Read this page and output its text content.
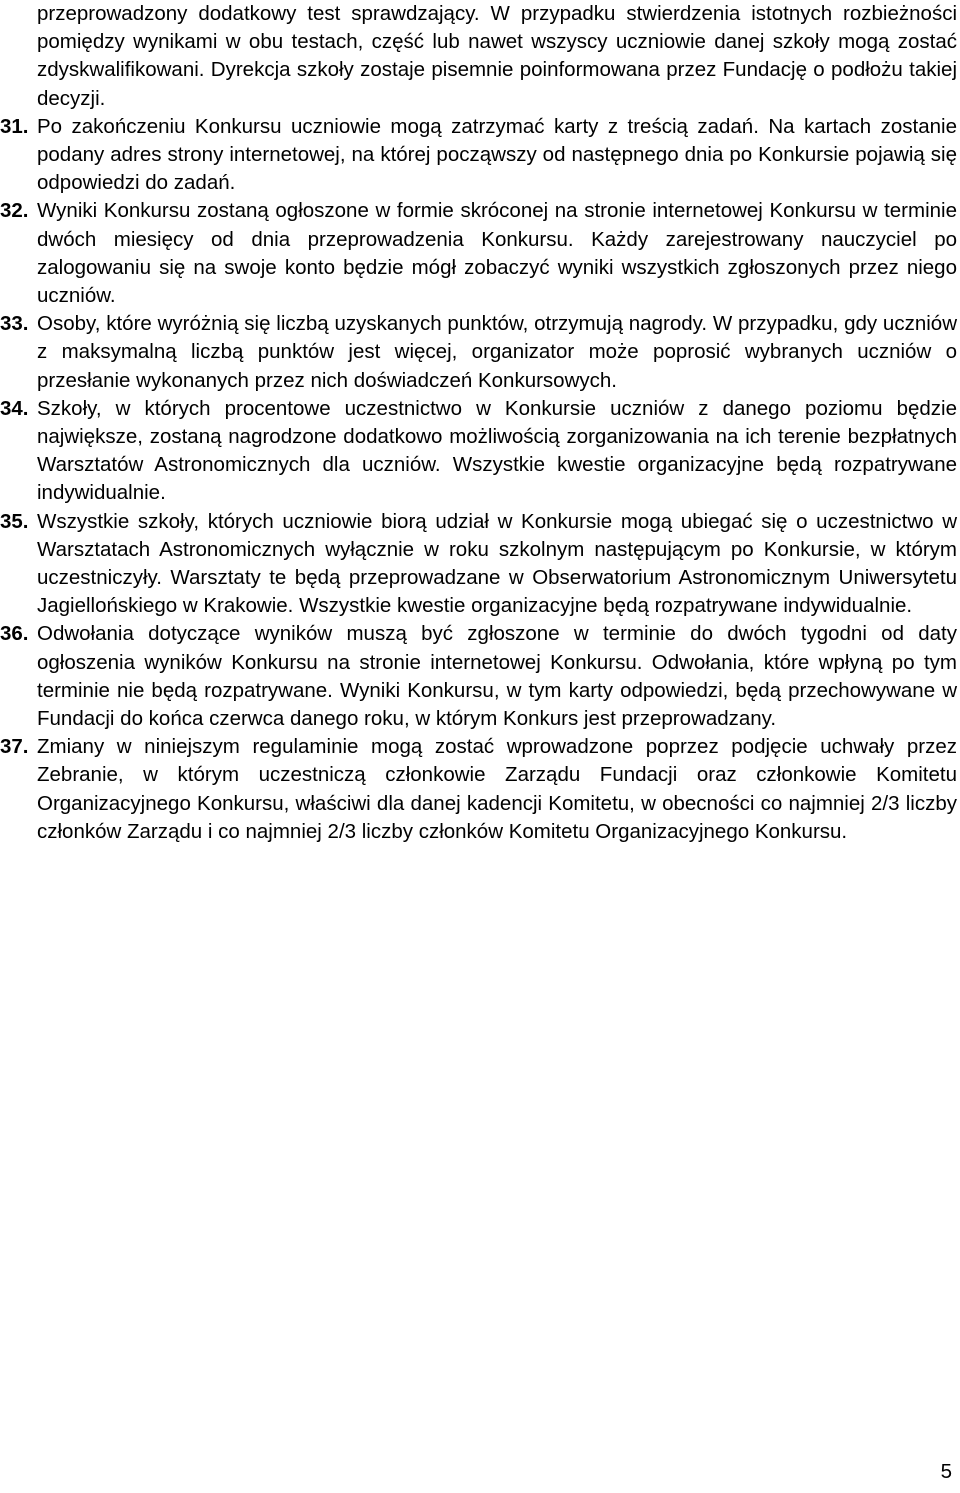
przeprowadzony dodatkowy test sprawdzający. W przypadku stwierdzenia istotnych rozbieżności pomiędzy wynikami w obu testach, część lub nawet wszyscy uczniowie danej szkoły mogą zostać zdyskwalifikowani. Dyrekcja szkoły zostaje pisemnie poinformowana przez Fundację o podłożu takiej decyzji.

31. Po zakończeniu Konkursu uczniowie mogą zatrzymać karty z treścią zadań. Na kartach zostanie podany adres strony internetowej, na której począwszy od następnego dnia po Konkursie pojawią się odpowiedzi do zadań.
32. Wyniki Konkursu zostaną ogłoszone w formie skróconej na stronie internetowej Konkursu w terminie dwóch miesięcy od dnia przeprowadzenia Konkursu. Każdy zarejestrowany nauczyciel po zalogowaniu się na swoje konto będzie mógł zobaczyć wyniki wszystkich zgłoszonych przez niego uczniów.
33. Osoby, które wyróżnią się liczbą uzyskanych punktów, otrzymują nagrody. W przypadku, gdy uczniów z maksymalną liczbą punktów jest więcej, organizator może poprosić wybranych uczniów o przesłanie wykonanych przez nich doświadczeń Konkursowych.
34. Szkoły, w których procentowe uczestnictwo w Konkursie uczniów z danego poziomu będzie największe, zostaną nagrodzone dodatkowo możliwością zorganizowania na ich terenie bezpłatnych Warsztatów Astronomicznych dla uczniów. Wszystkie kwestie organizacyjne będą rozpatrywane indywidualnie.
35. Wszystkie szkoły, których uczniowie biorą udział w Konkursie mogą ubiegać się o uczestnictwo w Warsztatach Astronomicznych wyłącznie w roku szkolnym następującym po Konkursie, w którym uczestniczyły. Warsztaty te będą przeprowadzane w Obserwatorium Astronomicznym Uniwersytetu Jagiellońskiego w Krakowie. Wszystkie kwestie organizacyjne będą rozpatrywane indywidualnie.
36. Odwołania dotyczące wyników muszą być zgłoszone w terminie do dwóch tygodni od daty ogłoszenia wyników Konkursu na stronie internetowej Konkursu. Odwołania, które wpłyną po tym terminie nie będą rozpatrywane. Wyniki Konkursu, w tym karty odpowiedzi, będą przechowywane w Fundacji do końca czerwca danego roku, w którym Konkurs jest przeprowadzany.
37. Zmiany w niniejszym regulaminie mogą zostać wprowadzone poprzez podjęcie uchwały przez Zebranie, w którym uczestniczą członkowie Zarządu Fundacji oraz członkowie Komitetu Organizacyjnego Konkursu, właściwi dla danej kadencji Komitetu, w obecności co najmniej 2/3 liczby członków Zarządu i co najmniej 2/3 liczby członków Komitetu Organizacyjnego Konkursu.
5
